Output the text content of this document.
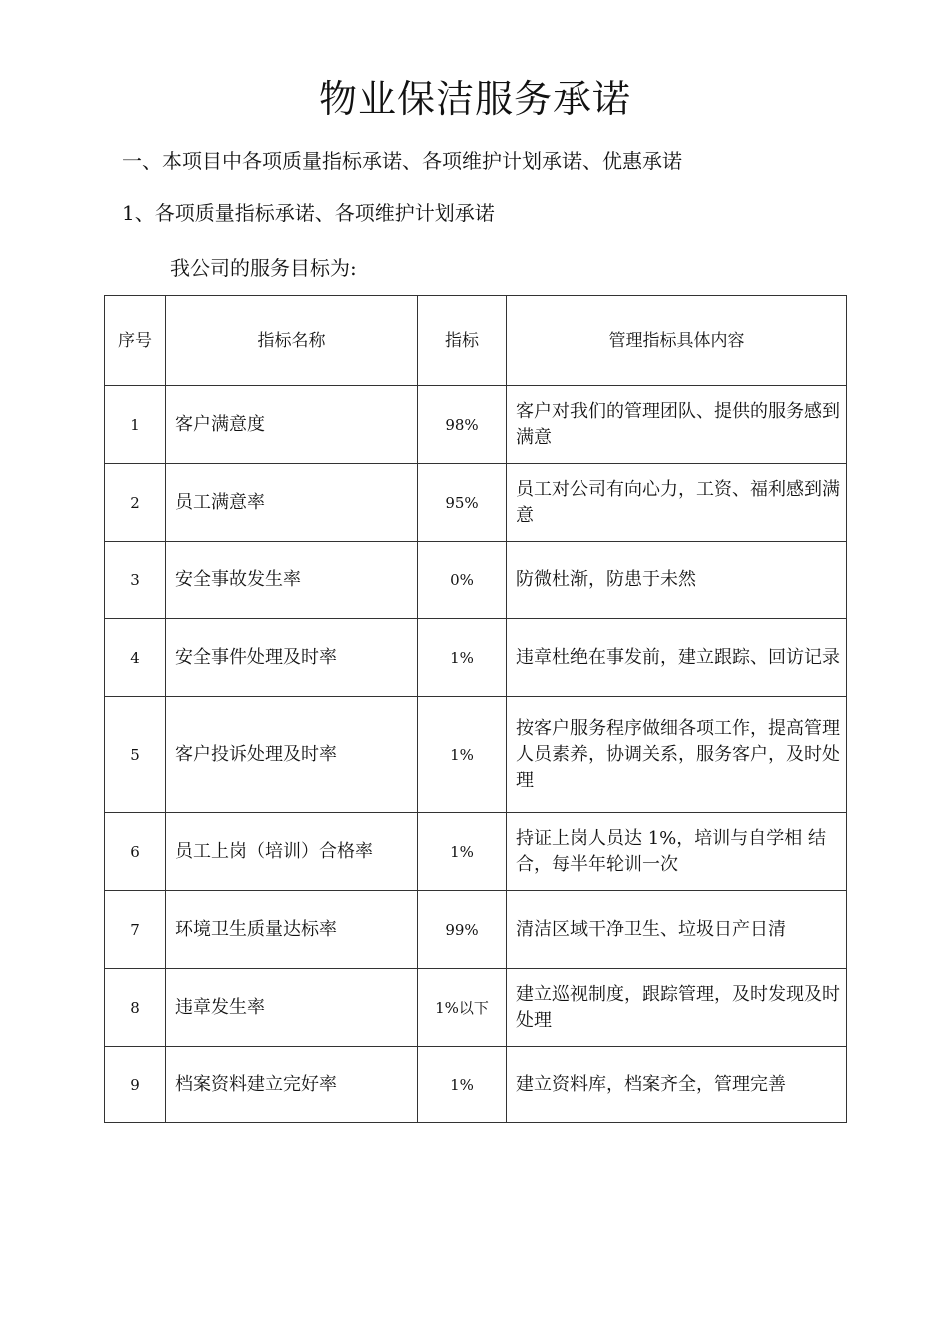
物业保洁服务承诺
一、本项目中各项质量指标承诺、各项维护计划承诺、优惠承诺
1、各项质量指标承诺、各项维护计划承诺
我公司的服务目标为:
序号	指标名称	指标	管理指标具体内容
1	客户满意度	98%	客户对我们的管理团队、提供的服务感到满意
2	员工满意率	95%	员工对公司有向心力，工资、福利感到满意
3	安全事故发生率	0%	防微杜渐，防患于未然
4	安全事件处理及时率	1%	违章杜绝在事发前，建立跟踪、回访记录
5	客户投诉处理及时率	1%	按客户服务程序做细各项工作，提高管理人员素养，协调关系，服务客户，及时处理
6	员工上岗（培训）合格率	1%	持证上岗人员达 1%，培训与自学相 结合，每半年轮训一次
7	环境卫生质量达标率	99%	清洁区域干净卫生、垃圾日产日清
8	违章发生率	1%以下	建立巡视制度，跟踪管理，及时发现及时处理
9	档案资料建立完好率	1%	建立资料库，档案齐全，管理完善
